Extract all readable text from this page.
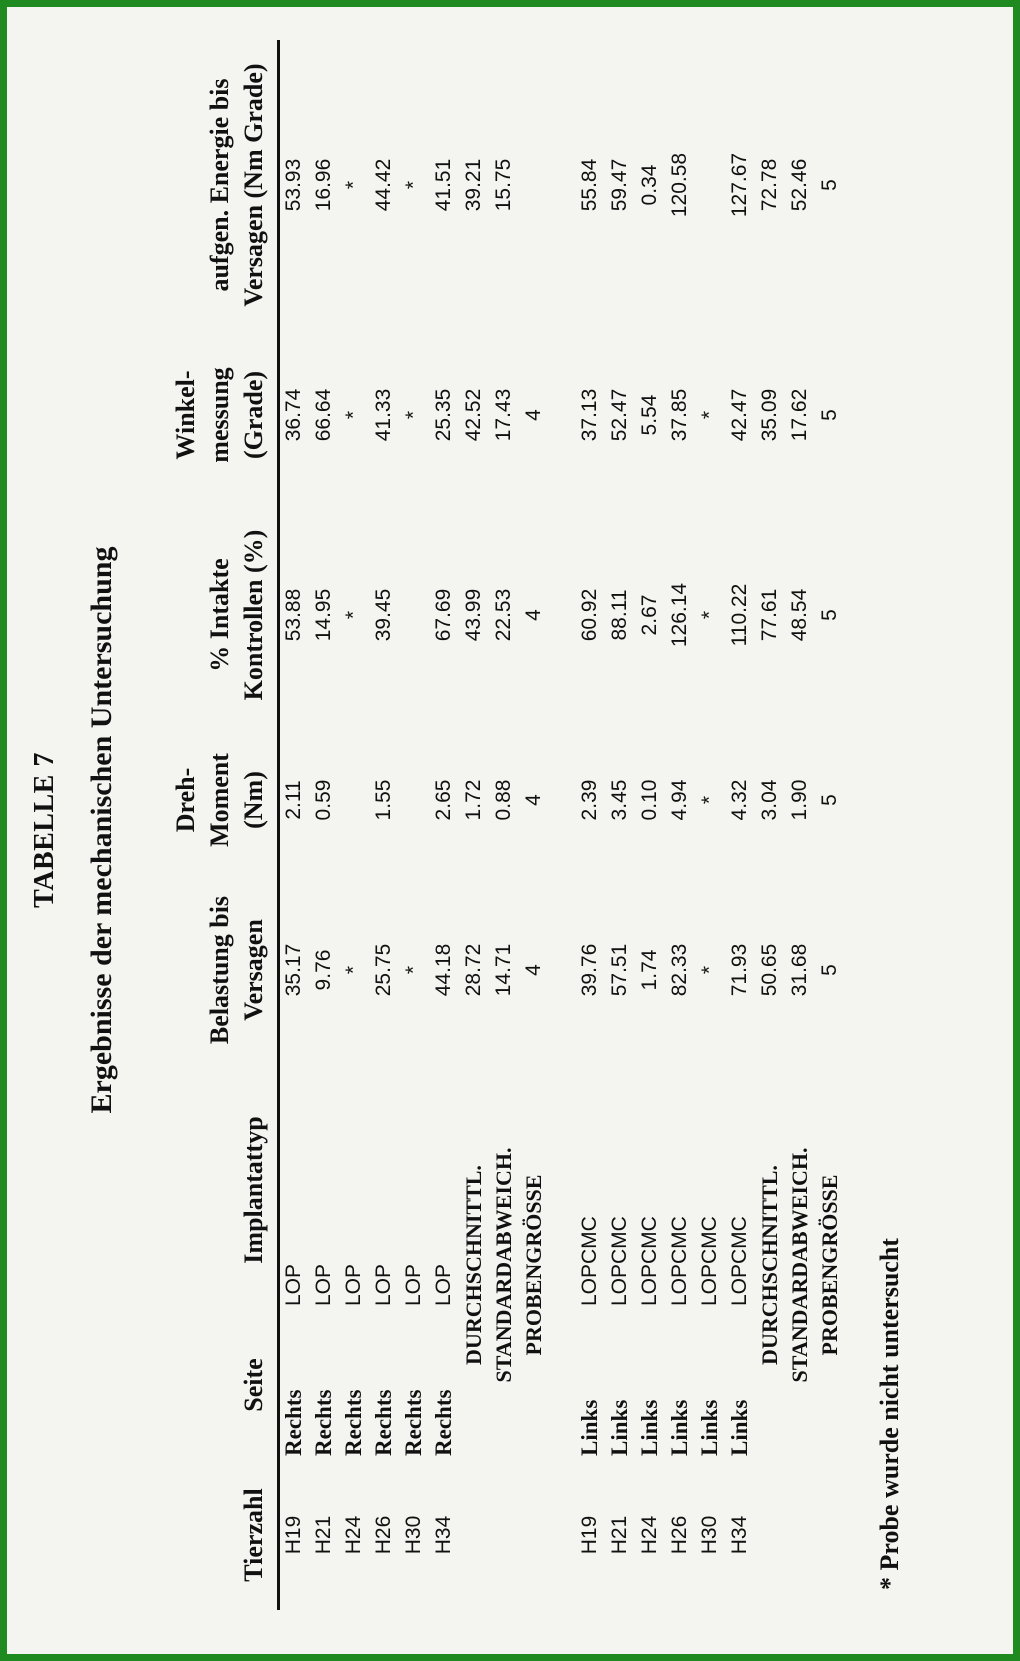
TABELLE 7 Ergebnisse der mechanischen Untersuchung
Tierzahl	Seite	Implantattyp	Belastung bis Versagen	Dreh- Moment (Nm)	% Intakte Kontrollen (%)	Winkel- messung (Grade)	aufgen. Energie bis Versagen (Nm Grade)
H19	Rechts	LOP	35.17	2.11	53.88	36.74	53.93
H21	Rechts	LOP	9.76	0.59	14.95	66.64	16.96
H24	Rechts	LOP	*		*	*	*
H26	Rechts	LOP	25.75	1.55	39.45	41.33	44.42
H30	Rechts	LOP	*			*	*
H34	Rechts	LOP	44.18	2.65	67.69	25.35	41.51
	DURCHSCHNITTL.		28.72	1.72	43.99	42.52	39.21
	STANDARDABWEICH.		14.71	0.88	22.53	17.43	15.75
	PROBENGRÖSSE		4	4	4	4	

H19	Links	LOPCMC	39.76	2.39	60.92	37.13	55.84
H21	Links	LOPCMC	57.51	3.45	88.11	52.47	59.47
H24	Links	LOPCMC	1.74	0.10	2.67	5.54	0.34
H26	Links	LOPCMC	82.33	4.94	126.14	37.85	120.58
H30	Links	LOPCMC	*	*	*	*	
H34	Links	LOPCMC	71.93	4.32	110.22	42.47	127.67
	DURCHSCHNITTL.		50.65	3.04	77.61	35.09	72.78
	STANDARDABWEICH.		31.68	1.90	48.54	17.62	52.46
	PROBENGRÖSSE		5	5	5	5	5
* Probe wurde nicht untersucht
